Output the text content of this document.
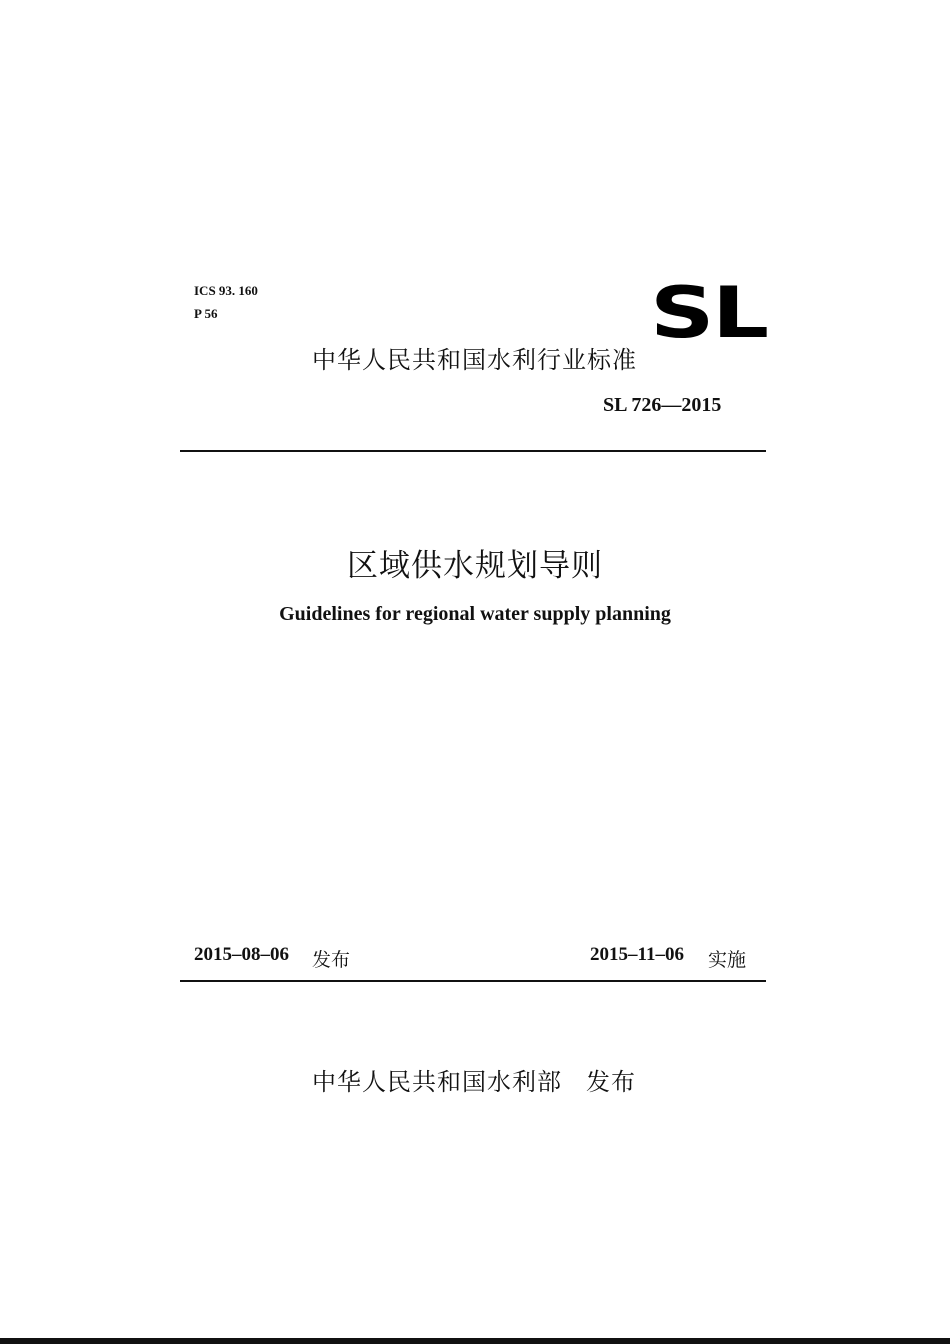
ICS 93. 160
P 56	SL
中华人民共和国水利行业标准
SL 726—2015
区域供水规划导则
Guidelines for regional water supply planning
2015–08–06 发布	2015–11–06 实施
中华人民共和国水利部 发布
